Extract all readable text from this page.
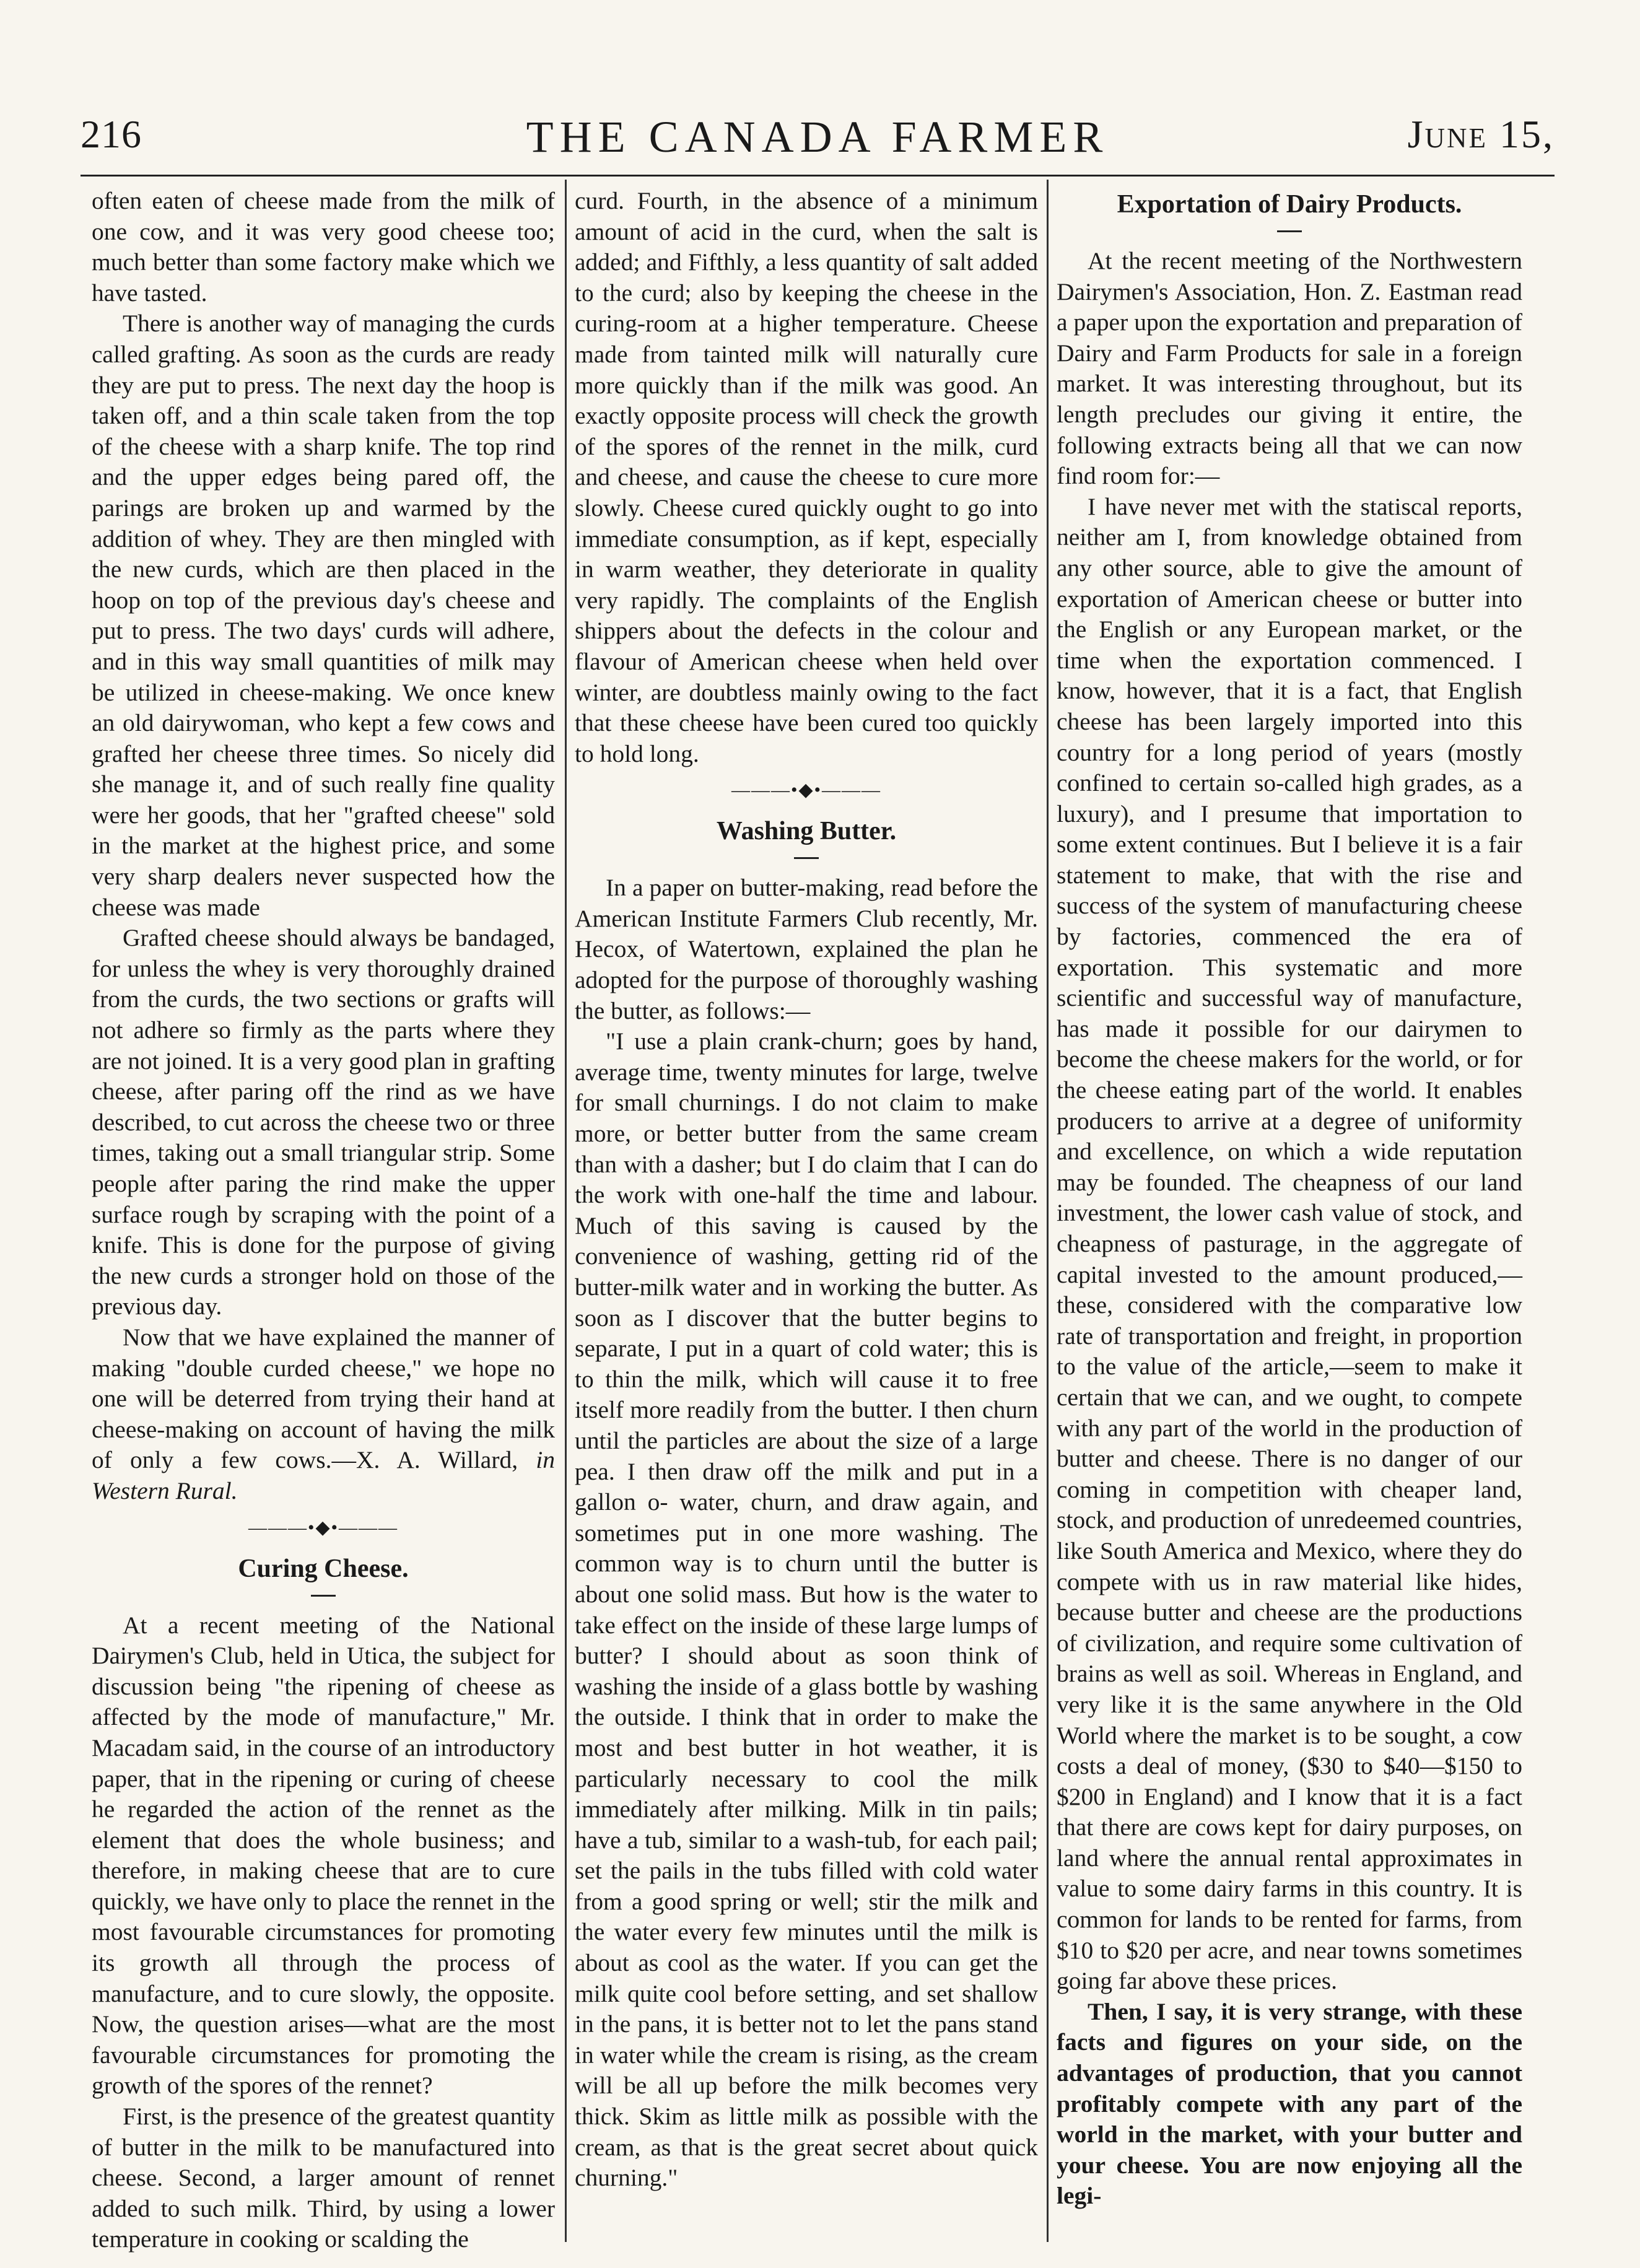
216	THE CANADA FARMER	June 15,

often eaten of cheese made from the milk of one cow, and it was very good cheese too; much better than some factory make which we have tasted.

There is another way of managing the curds called grafting. As soon as the curds are ready they are put to press. The next day the hoop is taken off, and a thin scale taken from the top of the cheese with a sharp knife. The top rind and the upper edges being pared off, the parings are broken up and warmed by the addition of whey. They are then mingled with the new curds, which are then placed in the hoop on top of the previous day's cheese and put to press. The two days' curds will adhere, and in this way small quantities of milk may be utilized in cheese-making. We once knew an old dairywoman, who kept a few cows and grafted her cheese three times. So nicely did she manage it, and of such really fine quality were her goods, that her "grafted cheese" sold in the market at the highest price, and some very sharp dealers never suspected how the cheese was made

Grafted cheese should always be bandaged, for unless the whey is very thoroughly drained from the curds, the two sections or grafts will not adhere so firmly as the parts where they are not joined. It is a very good plan in grafting cheese, after paring off the rind as we have described, to cut across the cheese two or three times, taking out a small triangular strip. Some people after paring the rind make the upper surface rough by scraping with the point of a knife. This is done for the purpose of giving the new curds a stronger hold on those of the previous day.

Now that we have explained the manner of making "double curded cheese," we hope no one will be deterred from trying their hand at cheese-making on account of having the milk of only a few cows.—X. A. Willard, in Western Rural.

———•◆•———
Curing Cheese.

At a recent meeting of the National Dairymen's Club, held in Utica, the subject for discussion being "the ripening of cheese as affected by the mode of manufacture," Mr. Macadam said, in the course of an introductory paper, that in the ripening or curing of cheese he regarded the action of the rennet as the element that does the whole business; and therefore, in making cheese that are to cure quickly, we have only to place the rennet in the most favourable circumstances for promoting its growth all through the process of manufacture, and to cure slowly, the opposite. Now, the question arises—what are the most favourable circumstances for promoting the growth of the spores of the rennet?

First, is the presence of the greatest quantity of butter in the milk to be manufactured into cheese. Second, a larger amount of rennet added to such milk. Third, by using a lower temperature in cooking or scalding the

curd. Fourth, in the absence of a minimum amount of acid in the curd, when the salt is added; and Fifthly, a less quantity of salt added to the curd; also by keeping the cheese in the curing-room at a higher temperature. Cheese made from tainted milk will naturally cure more quickly than if the milk was good. An exactly opposite process will check the growth of the spores of the rennet in the milk, curd and cheese, and cause the cheese to cure more slowly. Cheese cured quickly ought to go into immediate consumption, as if kept, especially in warm weather, they deteriorate in quality very rapidly. The complaints of the English shippers about the defects in the colour and flavour of American cheese when held over winter, are doubtless mainly owing to the fact that these cheese have been cured too quickly to hold long.

———•◆•———
Washing Butter.

In a paper on butter-making, read before the American Institute Farmers Club recently, Mr. Hecox, of Watertown, explained the plan he adopted for the purpose of thoroughly washing the butter, as follows:—

"I use a plain crank-churn; goes by hand, average time, twenty minutes for large, twelve for small churnings. I do not claim to make more, or better butter from the same cream than with a dasher; but I do claim that I can do the work with one-half the time and labour. Much of this saving is caused by the convenience of washing, getting rid of the butter-milk water and in working the butter. As soon as I discover that the butter begins to separate, I put in a quart of cold water; this is to thin the milk, which will cause it to free itself more readily from the butter. I then churn until the particles are about the size of a large pea. I then draw off the milk and put in a gallon o- water, churn, and draw again, and sometimes put in one more washing. The common way is to churn until the butter is about one solid mass. But how is the water to take effect on the inside of these large lumps of butter? I should about as soon think of washing the inside of a glass bottle by washing the outside. I think that in order to make the most and best butter in hot weather, it is particularly necessary to cool the milk immediately after milking. Milk in tin pails; have a tub, similar to a wash-tub, for each pail; set the pails in the tubs filled with cold water from a good spring or well; stir the milk and the water every few minutes until the milk is about as cool as the water. If you can get the milk quite cool before setting, and set shallow in the pans, it is better not to let the pans stand in water while the cream is rising, as the cream will be all up before the milk becomes very thick. Skim as little milk as possible with the cream, as that is the great secret about quick churning."

Exportation of Dairy Products.

At the recent meeting of the Northwestern Dairymen's Association, Hon. Z. Eastman read a paper upon the exportation and preparation of Dairy and Farm Products for sale in a foreign market. It was interesting throughout, but its length precludes our giving it entire, the following extracts being all that we can now find room for:—

I have never met with the statiscal reports, neither am I, from knowledge obtained from any other source, able to give the amount of exportation of American cheese or butter into the English or any European market, or the time when the exportation commenced. I know, however, that it is a fact, that English cheese has been largely imported into this country for a long period of years (mostly confined to certain so-called high grades, as a luxury), and I presume that importation to some extent continues. But I believe it is a fair statement to make, that with the rise and success of the system of manufacturing cheese by factories, commenced the era of exportation. This systematic and more scientific and successful way of manufacture, has made it possible for our dairymen to become the cheese makers for the world, or for the cheese eating part of the world. It enables producers to arrive at a degree of uniformity and excellence, on which a wide reputation may be founded. The cheapness of our land investment, the lower cash value of stock, and cheapness of pasturage, in the aggregate of capital invested to the amount produced,—these, considered with the comparative low rate of transportation and freight, in proportion to the value of the article,—seem to make it certain that we can, and we ought, to compete with any part of the world in the production of butter and cheese. There is no danger of our coming in competition with cheaper land, stock, and production of unredeemed countries, like South America and Mexico, where they do compete with us in raw material like hides, because butter and cheese are the productions of civilization, and require some cultivation of brains as well as soil. Whereas in England, and very like it is the same anywhere in the Old World where the market is to be sought, a cow costs a deal of money, ($30 to $40—$150 to $200 in England) and I know that it is a fact that there are cows kept for dairy purposes, on land where the annual rental approximates in value to some dairy farms in this country. It is common for lands to be rented for farms, from $10 to $20 per acre, and near towns sometimes going far above these prices.

Then, I say, it is very strange, with these facts and figures on your side, on the advantages of production, that you cannot profitably compete with any part of the world in the market, with your butter and your cheese. You are now enjoying all the legi-
